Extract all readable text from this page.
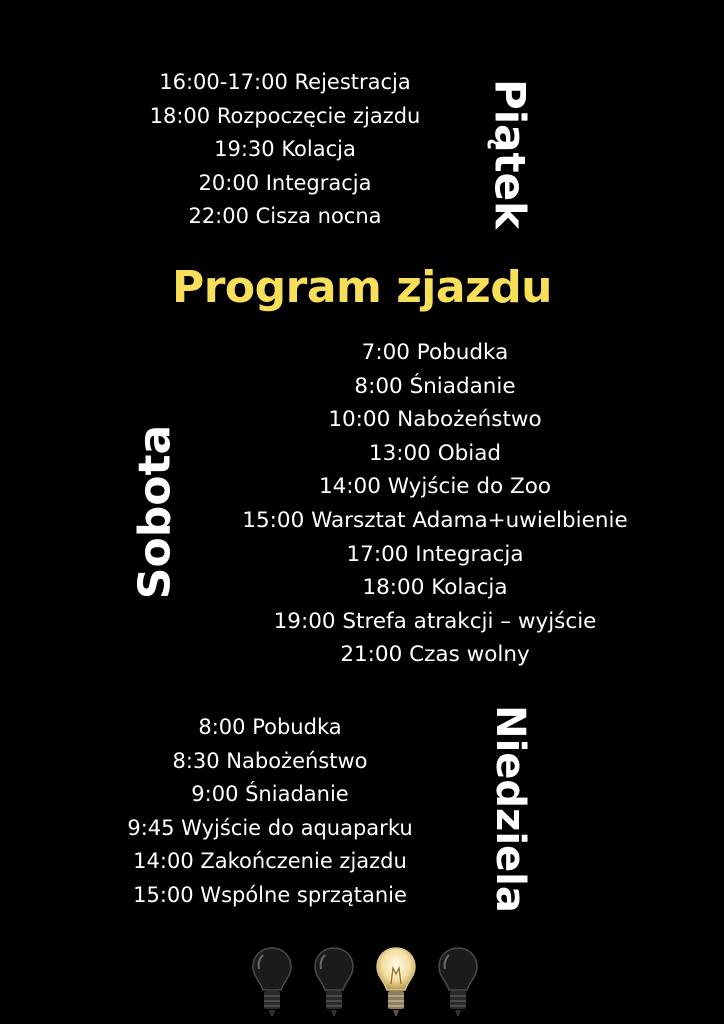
16:00-17:00 Rejestracja
18:00 Rozpoczęcie zjazdu
19:30 Kolacja
20:00 Integracja
22:00 Cisza nocna	Piątek
Program zjazdu
Sobota
7:00 Pobudka
8:00 Śniadanie
10:00 Nabożeństwo
13:00 Obiad
14:00 Wyjście do Zoo
15:00 Warsztat Adama+uwielbienie
17:00 Integracja
18:00 Kolacja
19:00 Strefa atrakcji – wyjście
21:00 Czas wolny
8:00 Pobudka
8:30 Nabożeństwo
9:00 Śniadanie
9:45 Wyjście do aquaparku
14:00 Zakończenie zjazdu
15:00 Wspólne sprzątanie	Niedziela
